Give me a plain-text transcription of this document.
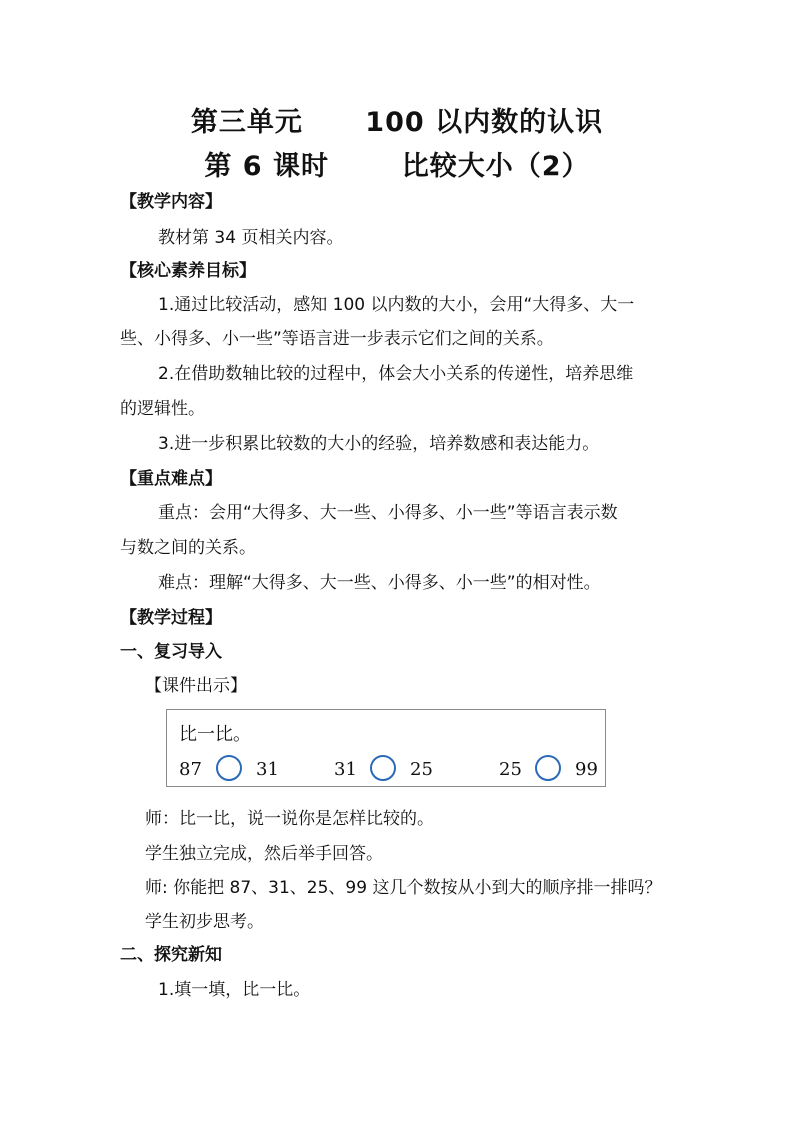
第三单元      100 以内数的认识
第 6 课时       比较大小（2）
【教学内容】
教材第 34 页相关内容。
【核心素养目标】
1.通过比较活动，感知 100 以内数的大小，会用“大得多、大一
些、小得多、小一些”等语言进一步表示它们之间的关系。
2.在借助数轴比较的过程中，体会大小关系的传递性，培养思维
的逻辑性。
3.进一步积累比较数的大小的经验，培养数感和表达能力。
【重点难点】
重点：会用“大得多、大一些、小得多、小一些”等语言表示数
与数之间的关系。
难点：理解“大得多、大一些、小得多、小一些”的相对性。
【教学过程】
一、复习导入
【课件出示】
比一比。
87	31	31	25	25	99
师：比一比，说一说你是怎样比较的。
学生独立完成，然后举手回答。
师: 你能把 87、31、25、99 这几个数按从小到大的顺序排一排吗？
学生初步思考。
二、探究新知
1.填一填，比一比。
